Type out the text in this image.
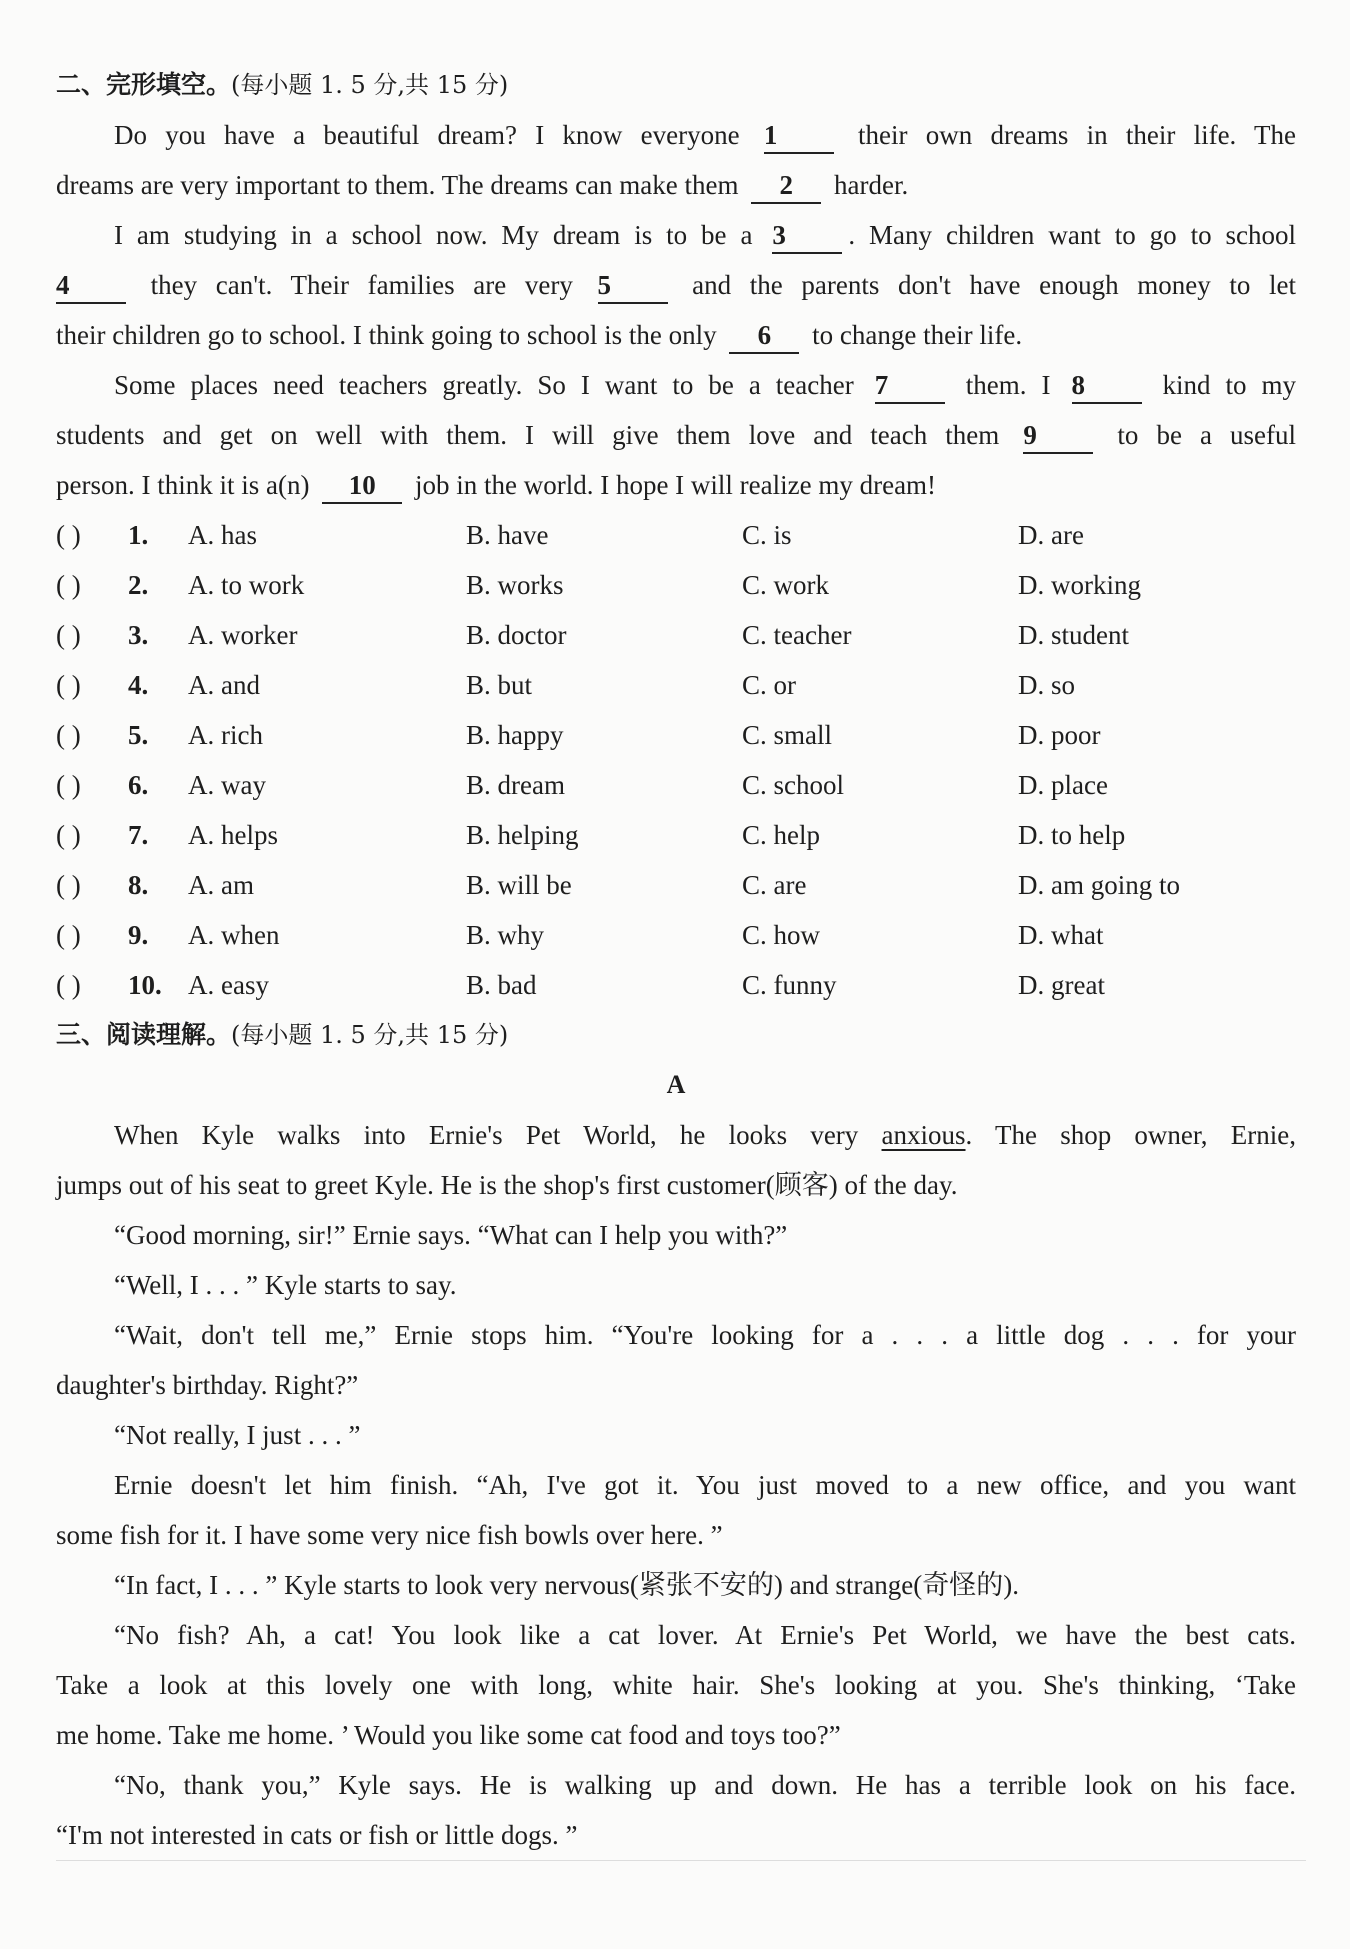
二、完形填空。(每小题 1. 5 分,共 15 分)
Do you have a beautiful dream? I know everyone 1	their own dreams in their life. The
dreams are very important to them. The dreams can make them 2 harder.
I am studying in a school now. My dream is to be a 3 . Many children want to go to school
4	they can't. Their families are very 5	and the parents don't have enough money to let
their children go to school. I think going to school is the only 6 to change their life.
Some places need teachers greatly. So I want to be a teacher 7	them. I 8	kind to my
students and get on well with them. I will give them love and teach them 9	to be a useful
person. I think it is a(n) 10 job in the world. I hope I will realize my dream!
( ) 1. A. has	B. have	C. is	D. are
( ) 2. A. to work	B. works	C. work	D. working
( ) 3. A. worker	B. doctor	C. teacher	D. student
( ) 4. A. and	B. but	C. or	D. so
( ) 5. A. rich	B. happy	C. small	D. poor
( ) 6. A. way	B. dream	C. school	D. place
( ) 7. A. helps	B. helping	C. help	D. to help
( ) 8. A. am	B. will be	C. are	D. am going to
( ) 9. A. when	B. why	C. how	D. what
( ) 10. A. easy	B. bad	C. funny	D. great
三、阅读理解。(每小题 1. 5 分,共 15 分)
A
When Kyle walks into Ernie's Pet World, he looks very anxious. The shop owner, Ernie,
jumps out of his seat to greet Kyle. He is the shop's first customer(顾客) of the day.
“Good morning, sir!” Ernie says. “What can I help you with?”
“Well, I . . . ” Kyle starts to say.
“Wait, don't tell me,” Ernie stops him. “You're looking for a . . . a little dog . . . for your
daughter's birthday. Right?”
“Not really, I just . . . ”
Ernie doesn't let him finish. “Ah, I've got it. You just moved to a new office, and you want
some fish for it. I have some very nice fish bowls over here. ”
“In fact, I . . . ” Kyle starts to look very nervous(紧张不安的) and strange(奇怪的).
“No fish? Ah, a cat! You look like a cat lover. At Ernie's Pet World, we have the best cats.
Take a look at this lovely one with long, white hair. She's looking at you. She's thinking, ‘Take
me home. Take me home. ’ Would you like some cat food and toys too?”
“No, thank you,” Kyle says. He is walking up and down. He has a terrible look on his face.
“I'm not interested in cats or fish or little dogs. ”
